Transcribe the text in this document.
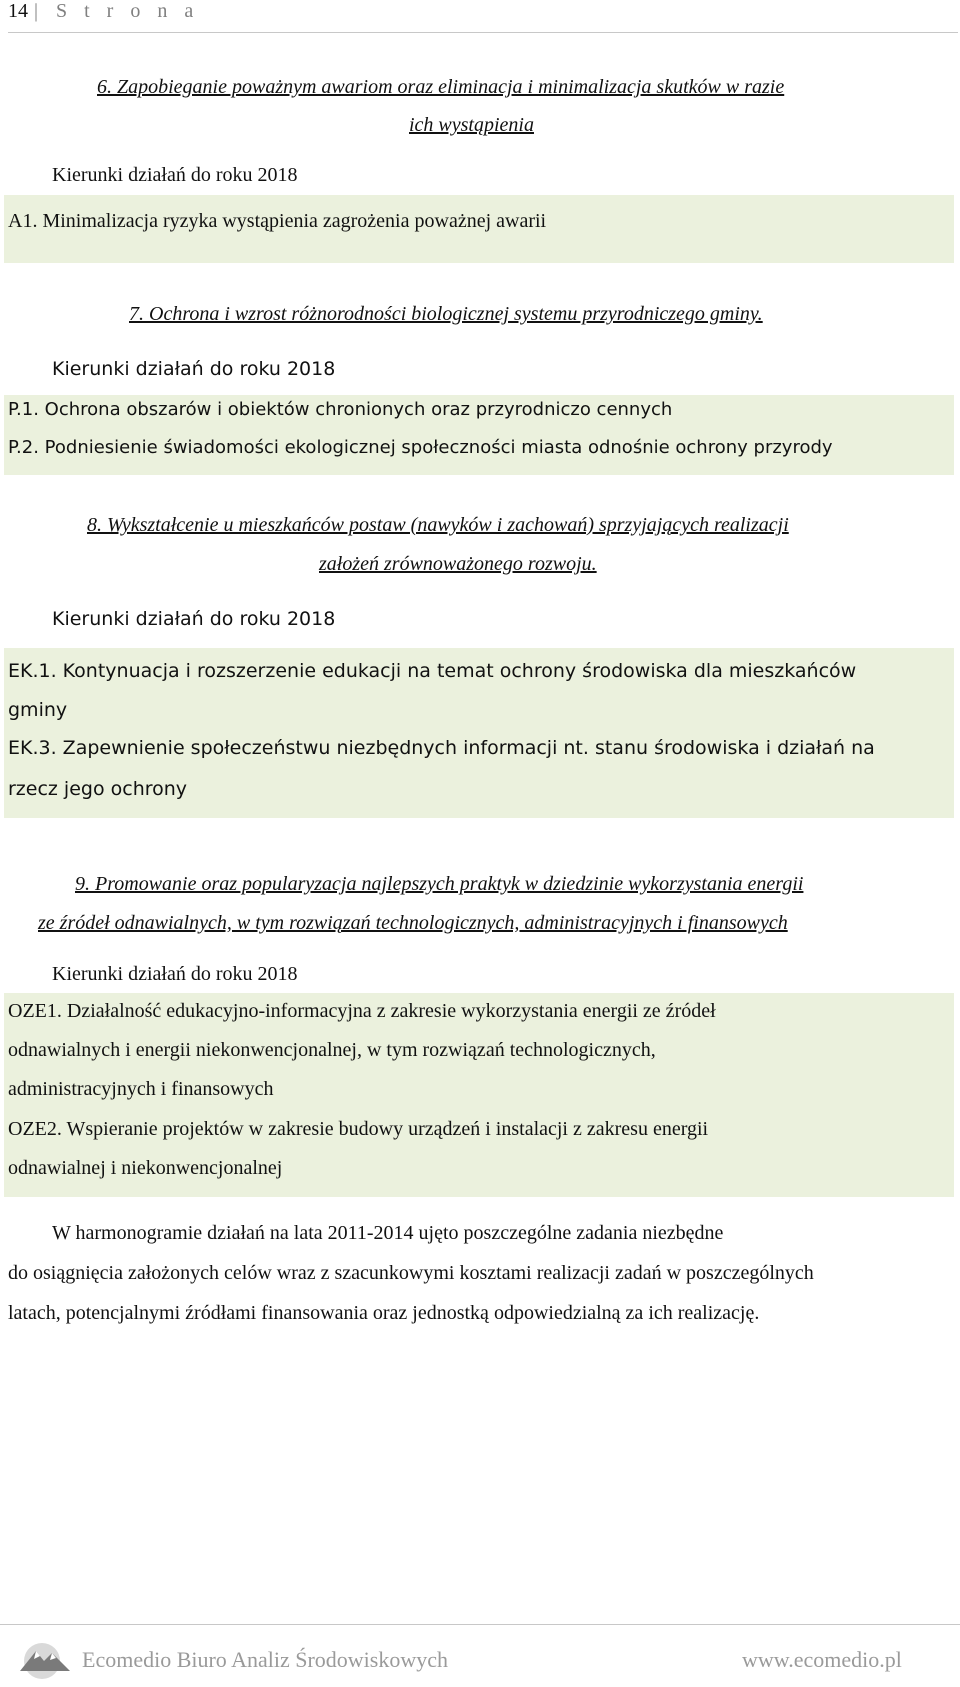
14 | S t r o n a
6. Zapobieganie poważnym awariom oraz eliminacja i minimalizacja skutków w razie
ich wystąpienia
Kierunki działań do roku 2018
A1. Minimalizacja ryzyka wystąpienia zagrożenia poważnej awarii
7. Ochrona i wzrost różnorodności biologicznej systemu przyrodniczego gminy.
Kierunki działań do roku 2018
P.1. Ochrona obszarów i obiektów chronionych oraz przyrodniczo cennych
P.2. Podniesienie świadomości ekologicznej społeczności miasta odnośnie ochrony przyrody
8. Wykształcenie u mieszkańców postaw (nawyków i zachowań) sprzyjających realizacji
założeń zrównoważonego rozwoju.
Kierunki działań do roku 2018
EK.1. Kontynuacja i rozszerzenie edukacji na temat ochrony środowiska dla mieszkańców
gminy
EK.3. Zapewnienie społeczeństwu niezbędnych informacji nt. stanu środowiska i działań na
rzecz jego ochrony
9. Promowanie oraz popularyzacja najlepszych praktyk w dziedzinie wykorzystania energii
ze źródeł odnawialnych, w tym rozwiązań technologicznych, administracyjnych i finansowych
Kierunki działań do roku 2018
OZE1. Działalność edukacyjno-informacyjna z zakresie wykorzystania energii ze źródeł
odnawialnych i energii niekonwencjonalnej, w tym rozwiązań technologicznych,
administracyjnych i finansowych
OZE2. Wspieranie projektów w zakresie budowy urządzeń i instalacji z zakresu energii
odnawialnej i niekonwencjonalnej
W harmonogramie działań na lata 2011-2014 ujęto poszczególne zadania niezbędne
do osiągnięcia założonych celów wraz z szacunkowymi kosztami realizacji zadań w poszczególnych
latach, potencjalnymi źródłami finansowania oraz jednostką odpowiedzialną za ich realizację.
Ecomedio Biuro Analiz Środowiskowych	www.ecomedio.pl
